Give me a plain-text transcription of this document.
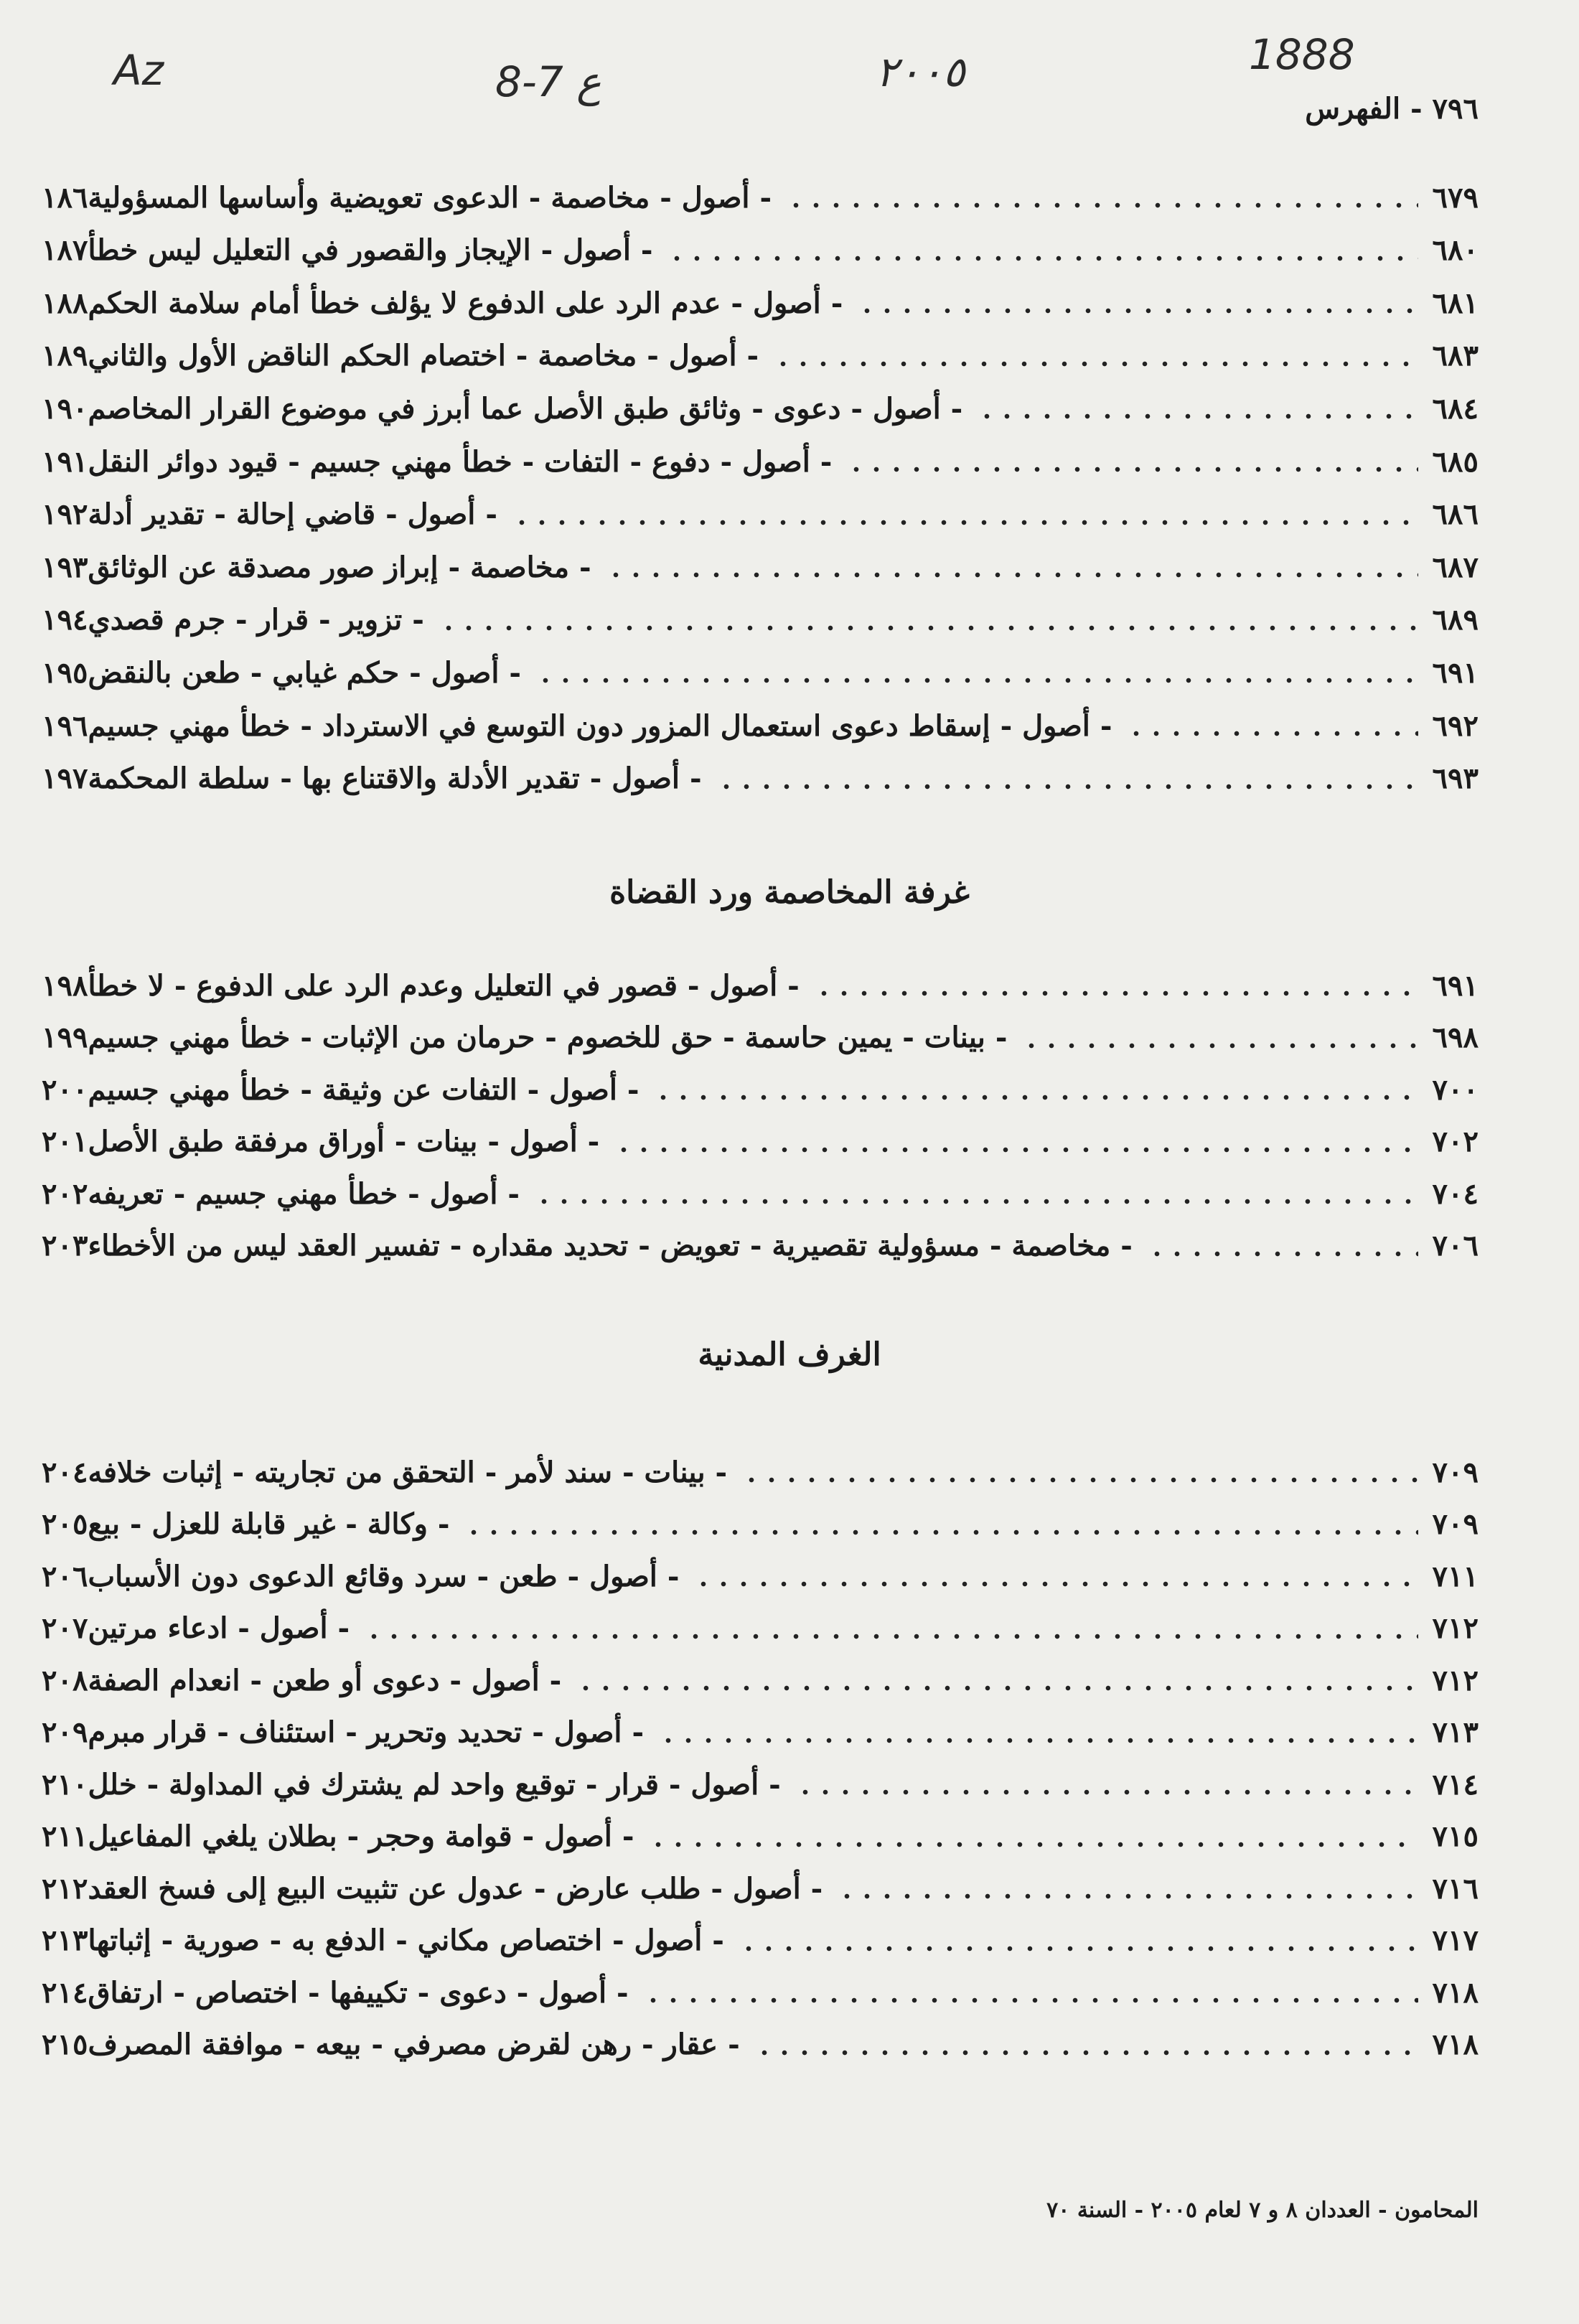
Az	8-7 ع	٢٠٠٥	1888
٧٩٦ - الفهرس
١٨٦ - أصول - مخاصمة - الدعوى تعويضية وأساسها المسؤولية	٦٧٩
١٨٧ - أصول - الإيجاز والقصور في التعليل ليس خطأ	٦٨٠
١٨٨ - أصول - عدم الرد على الدفوع لا يؤلف خطأ أمام سلامة الحكم	٦٨١
١٨٩ - أصول - مخاصمة - اختصام الحكم الناقض الأول والثاني	٦٨٣
١٩٠ - أصول - دعوى - وثائق طبق الأصل عما أبرز في موضوع القرار المخاصم	٦٨٤
١٩١ - أصول - دفوع - التفات - خطأ مهني جسيم - قيود دوائر النقل	٦٨٥
١٩٢ - أصول - قاضي إحالة - تقدير أدلة	٦٨٦
١٩٣ - مخاصمة - إبراز صور مصدقة عن الوثائق	٦٨٧
١٩٤ - تزوير - قرار - جرم قصدي	٦٨٩
١٩٥ - أصول - حكم غيابي - طعن بالنقض	٦٩١
١٩٦ - أصول - إسقاط دعوى استعمال المزور دون التوسع في الاسترداد - خطأ مهني جسيم	٦٩٢
١٩٧ - أصول - تقدير الأدلة والاقتناع بها - سلطة المحكمة	٦٩٣
غرفة المخاصمة ورد القضاة
١٩٨ - أصول - قصور في التعليل وعدم الرد على الدفوع - لا خطأ	٦٩١
١٩٩ - بينات - يمين حاسمة - حق للخصوم - حرمان من الإثبات - خطأ مهني جسيم	٦٩٨
٢٠٠ - أصول - التفات عن وثيقة - خطأ مهني جسيم	٧٠٠
٢٠١ - أصول - بينات - أوراق مرفقة طبق الأصل	٧٠٢
٢٠٢ - أصول - خطأ مهني جسيم - تعريفه	٧٠٤
٢٠٣ - مخاصمة - مسؤولية تقصيرية - تعويض - تحديد مقداره - تفسير العقد ليس من الأخطاء	٧٠٦
الغرف المدنية
٢٠٤ - بينات - سند لأمر - التحقق من تجاريته - إثبات خلافه	٧٠٩
٢٠٥ - وكالة - غير قابلة للعزل - بيع	٧٠٩
٢٠٦ - أصول - طعن - سرد وقائع الدعوى دون الأسباب	٧١١
٢٠٧ - أصول - ادعاء مرتين	٧١٢
٢٠٨ - أصول - دعوى أو طعن - انعدام الصفة	٧١٢
٢٠٩ - أصول - تحديد وتحرير - استئناف - قرار مبرم	٧١٣
٢١٠ - أصول - قرار - توقيع واحد لم يشترك في المداولة - خلل	٧١٤
٢١١ - أصول - قوامة وحجر - بطلان يلغي المفاعيل	٧١٥
٢١٢ - أصول - طلب عارض - عدول عن تثبيت البيع إلى فسخ العقد	٧١٦
٢١٣ - أصول - اختصاص مكاني - الدفع به - صورية - إثباتها	٧١٧
٢١٤ - أصول - دعوى - تكييفها - اختصاص - ارتفاق	٧١٨
٢١٥ - عقار - رهن لقرض مصرفي - بيعه - موافقة المصرف	٧١٨
المحامون - العددان ٨ و ٧ لعام ٢٠٠٥ - السنة ٧٠
